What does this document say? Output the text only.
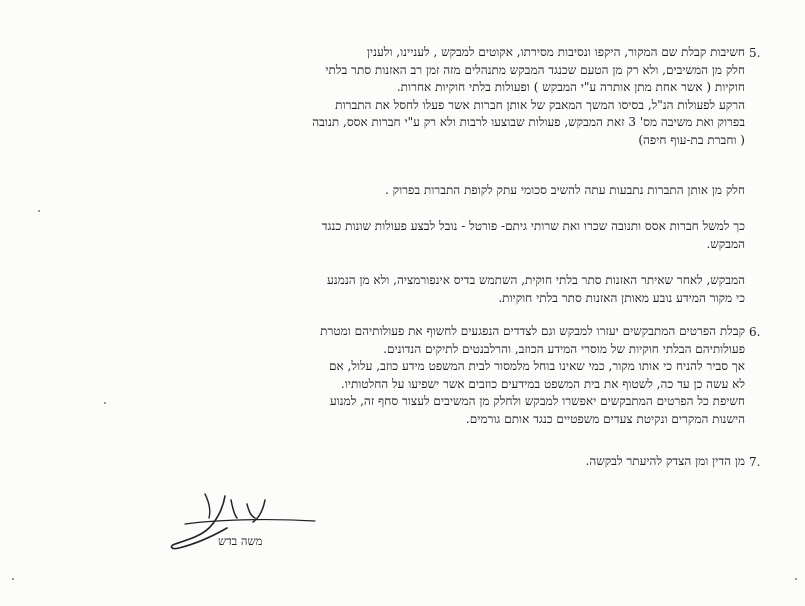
5.
חשיבות קבלת שם המקור, היקפו ונסיבות מסירתו, אקוטים למבקש , לעניינו, ולענין
חלק מן המשיבים, ולא רק מן הטעם שכנגד המבקש מתנהלים מזה זמן רב האזנות סתר בלתי
חוקיות ( אשר אחת מתן אותרה ע"י המבקש ) ופעולות בלתי חוקיות אחרות.
הרקע לפעולות הנ"ל, בסיסו המשך המאבק של אותן חברות אשר פעלו לחסל את התברות
בפרוק ואת משיבה מס' 3 זאת המבקש, פעולות שבוצעו לרבות ולא רק ע"י חברות אסס, תנובה
( וחברת בת-עוף חיפה)
חלק מן אותן התברות נתבעות עתה להשיב סכומי עתק לקופת התברות בפרוק .
כך למשל חברות אסס ותנובה שכרו ואת שרותי גיתם- פורטל - נובל לבצע פעולות שונות כנגד
המבקש.
המבקש, לאחר שאיתר האזנות סתר בלתי חוקית, השתמש בדיס אינפורמציה, ולא מן הנמנע
כי מקור המידע נובע מאותן האזנות סתר בלתי חוקיות.
6.
קבלת הפרטים המתבקשים יעזרו למבקש וגם לצדדים הנפגעים לחשוף את פעולותיהם ומטרת
פעולותיהם הבלתי חוקיות של מוסרי המידע הכוזב, והרלבנטים לתיקים הנדונים.
אך סביר להניח כי אותו מקור, כמי שאינו בוחל מלמסור לבית המשפט מידע כוזב, עלול, אם
לא עשה כן עד כה, לשטוף את בית המשפט במידעים כוזבים אשר ישפיעו על החלטותיו.
חשיפת כל הפרטים המתבקשים יאפשרו למבקש ולחלק מן המשיבים לעצור סחף זה, למנוע
הישנות המקרים ונקיטת צעדים משפטיים כנגד אותם גורמים.
7.
מן הדין ומן הצדק להיעתר לבקשה.
משה בדש
